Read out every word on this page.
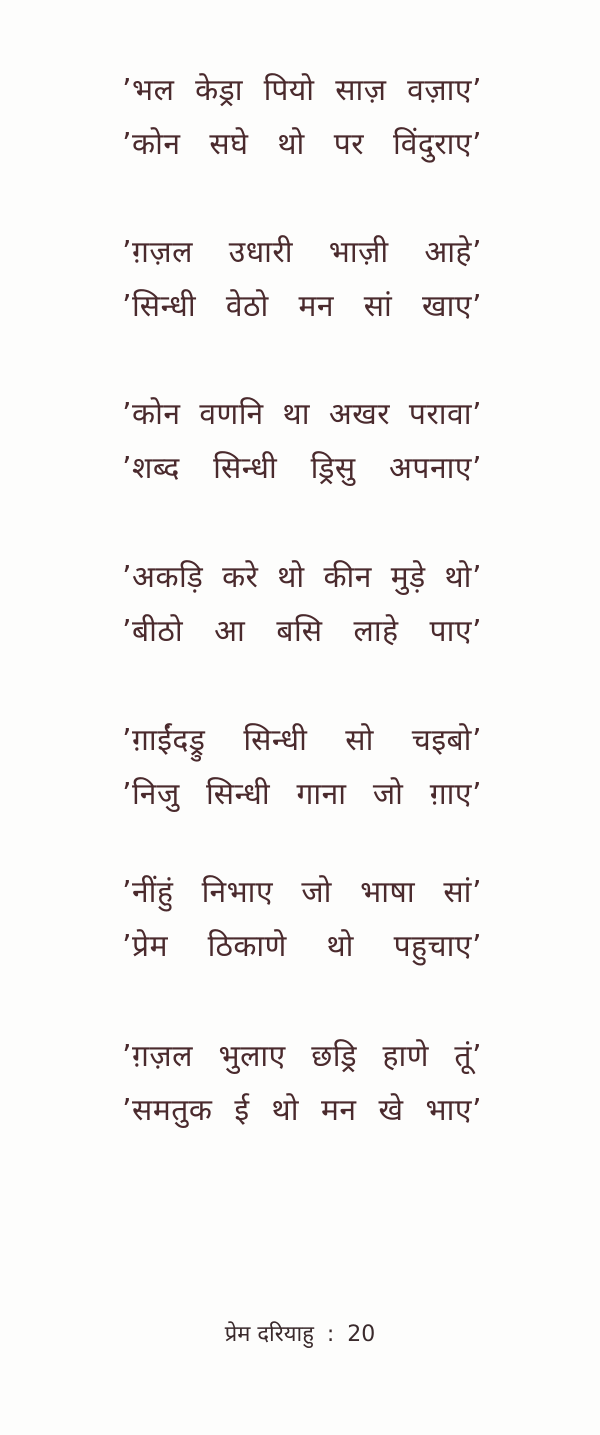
’भल केड्रा पियो साज़ वज़ाए’
’कोन सघे थो पर विंदुराए’
’ग़ज़ल उधारी भाज़ी आहे’
’सिन्धी वेठो मन सां खाए’
’कोन वणनि था अखर परावा’
’शब्द सिन्धी ड्रिसु अपनाए’
’अकड़ि करे थो कीन मुड़े थो’
’बीठो आ बसि लाहे पाए’
’ग़ाईंदड्रु सिन्धी सो चइबो’
’निजु सिन्धी गाना जो ग़ाए’
’नींहुं निभाए जो भाषा सां’
’प्रेम ठिकाणे थो पहुचाए’
’ग़ज़ल भुलाए छड्रि हाणे तूं’
’समतुक ई थो मन खे भाए’
प्रेम दरियाहु : 20
